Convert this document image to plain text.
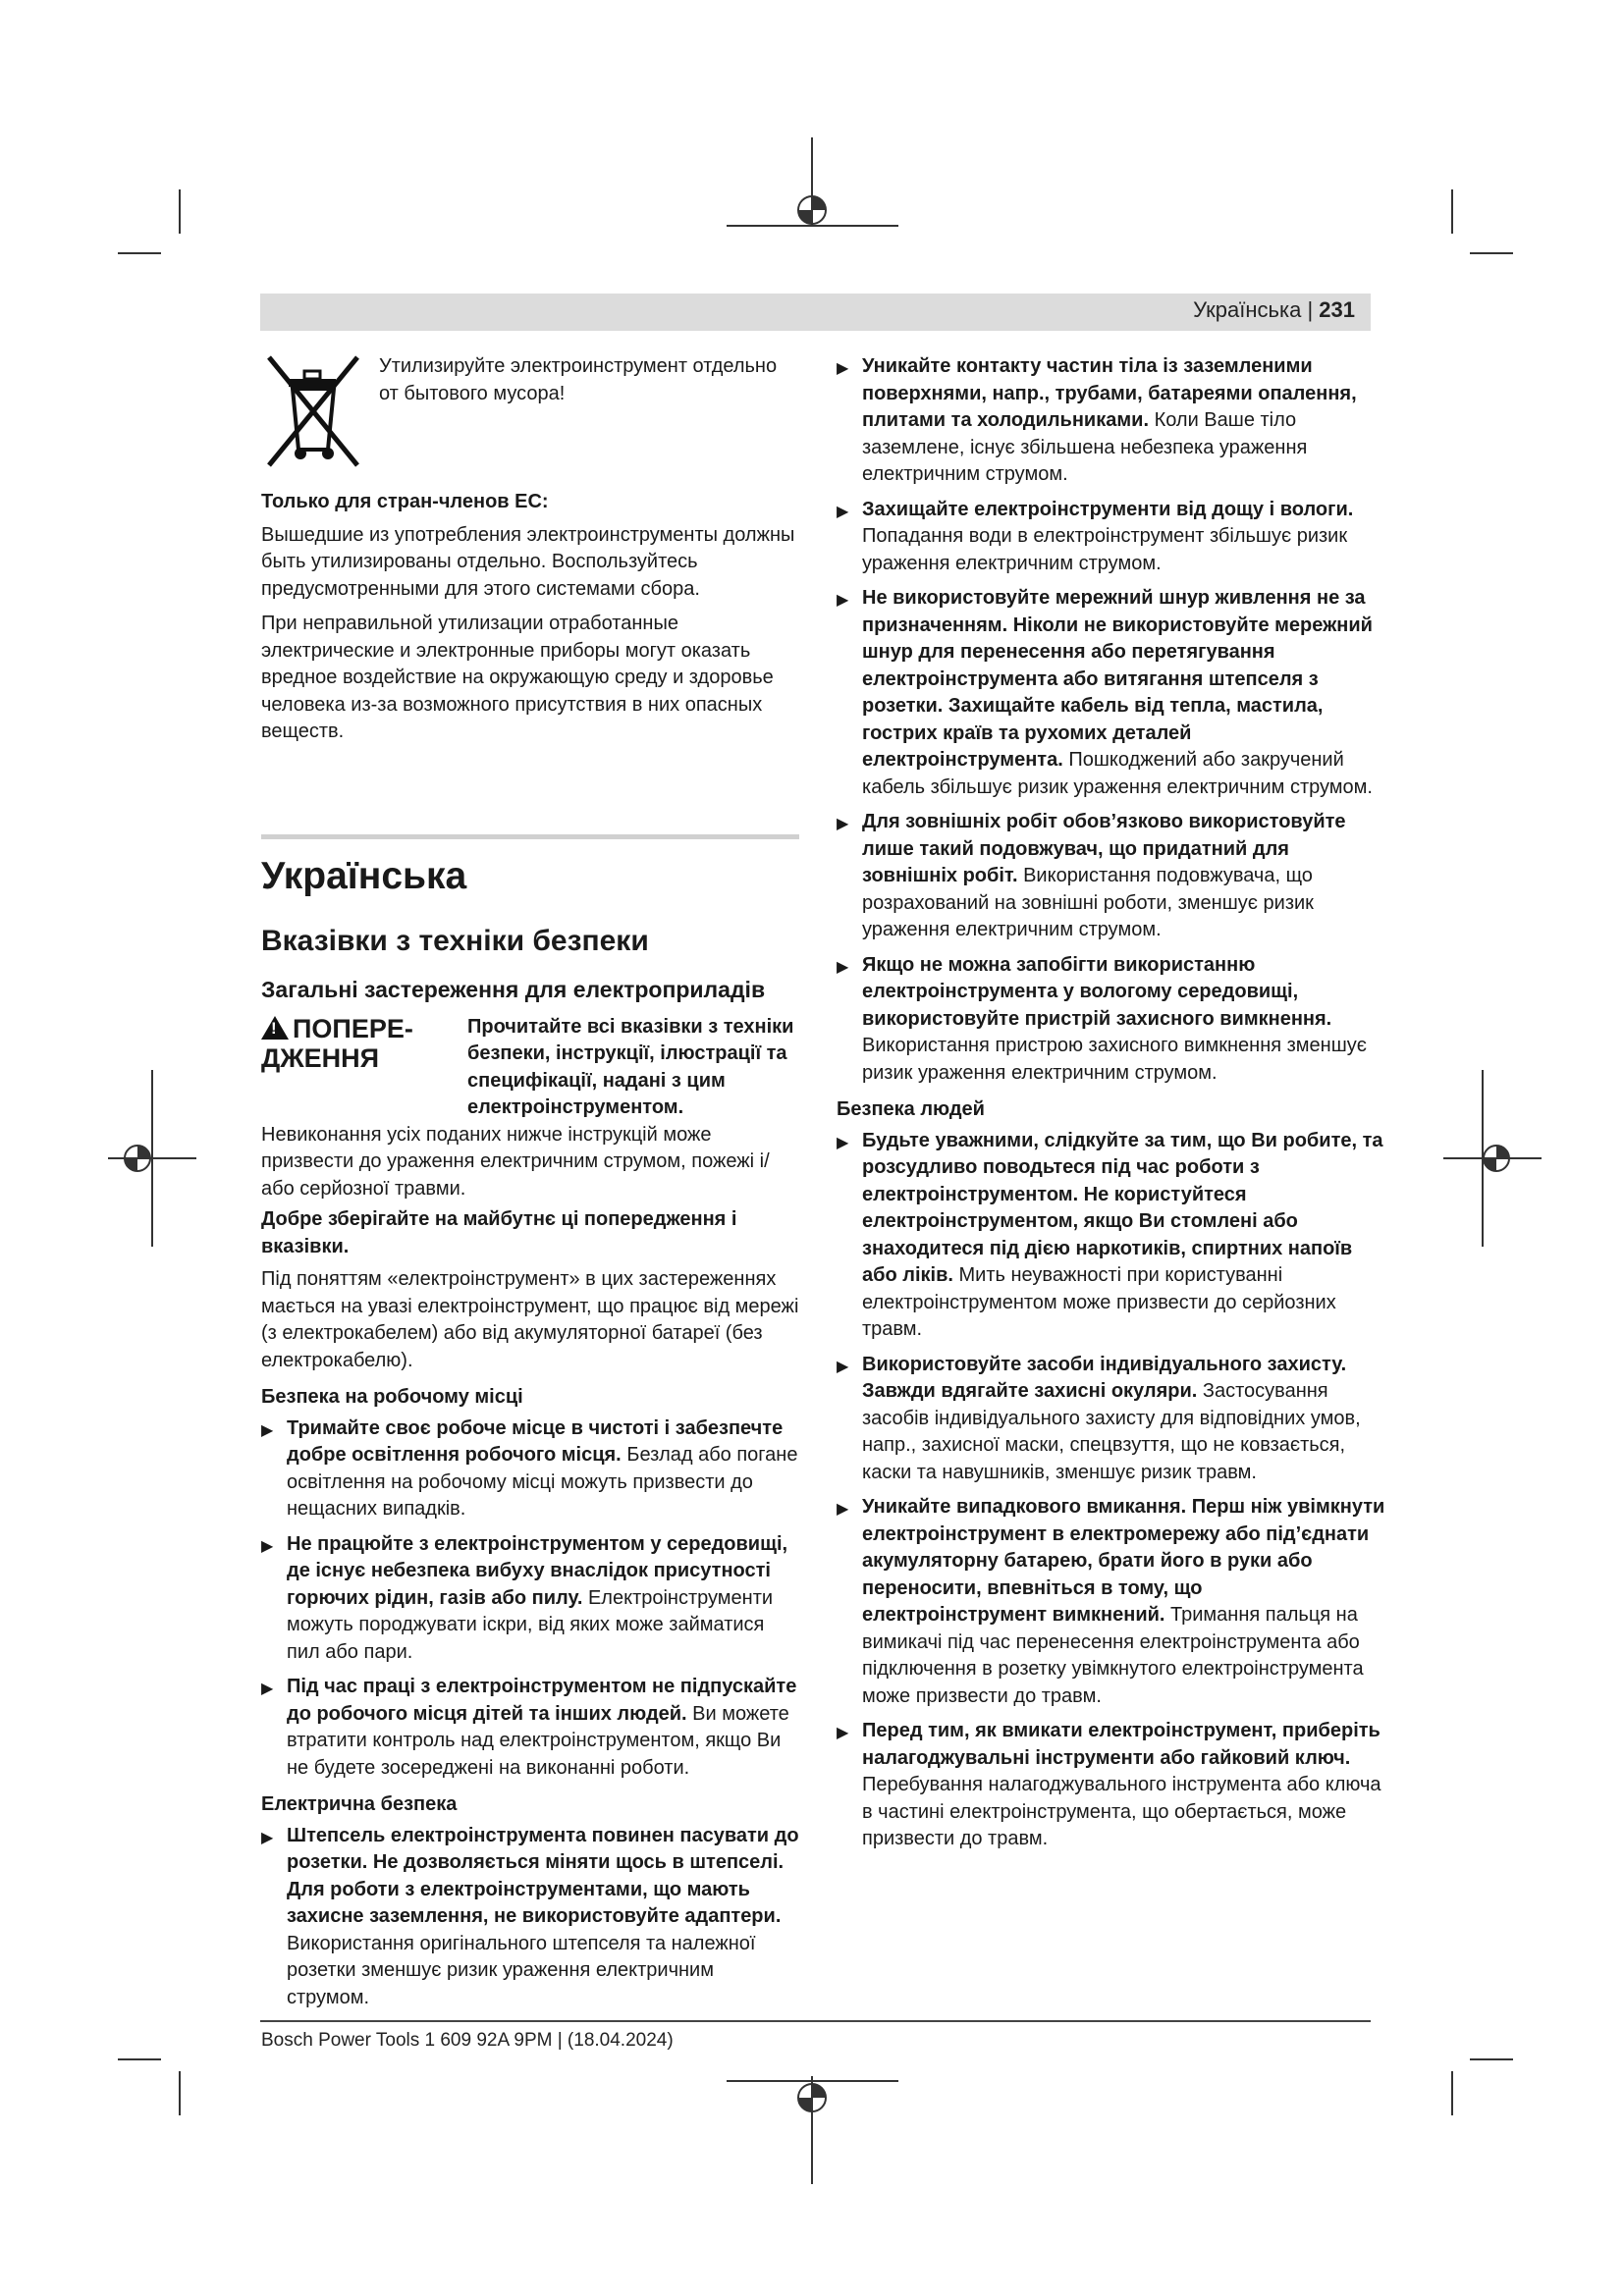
Українська | 231

Утилизируйте электроинструмент отдельно от бытового мусора!

Только для стран-членов ЕС:

Вышедшие из употребления электроинструменты должны быть утилизированы отдельно. Воспользуйтесь предусмотренными для этого системами сбора.

При неправильной утилизации отработанные электрические и электронные приборы могут оказать вредное воздействие на окружающую среду и здоровье человека из-за возможного присутствия в них опасных веществ.

Українська
Вказівки з техніки безпеки
Загальні застереження для електроприладів
! ПОПЕРЕ-ДЖЕННЯ

Прочитайте всі вказівки з техніки безпеки, інструкції, ілюстрації та специфікації, надані з цим електроінструментом.

Невиконання усіх поданих нижче інструкцій може призвести до ураження електричним струмом, пожежі і/або серйозної травми.

Добре зберігайте на майбутнє ці попередження і вказівки.

Під поняттям «електроінструмент» в цих застереженнях мається на увазі електроінструмент, що працює від мережі (з електрокабелем) або від акумуляторної батареї (без електрокабелю).

Безпека на робочому місці

▶ Тримайте своє робоче місце в чистоті і забезпечте добре освітлення робочого місця. Безлад або погане освітлення на робочому місці можуть призвести до нещасних випадків.
▶ Не працюйте з електроінструментом у середовищі, де існує небезпека вибуху внаслідок присутності горючих рідин, газів або пилу. Електроінструменти можуть породжувати іскри, від яких може займатися пил або пари.
▶ Під час праці з електроінструментом не підпускайте до робочого місця дітей та інших людей. Ви можете втратити контроль над електроінструментом, якщо Ви не будете зосереджені на виконанні роботи.

Електрична безпека

▶ Штепсель електроінструмента повинен пасувати до розетки. Не дозволяється міняти щось в штепселі. Для роботи з електроінструментами, що мають захисне заземлення, не використовуйте адаптери. Використання оригінального штепселя та належної розетки зменшує ризик ураження електричним струмом.
▶ Уникайте контакту частин тіла із заземленими поверхнями, напр., трубами, батареями опалення, плитами та холодильниками. Коли Ваше тіло заземлене, існує збільшена небезпека ураження електричним струмом.
▶ Захищайте електроінструменти від дощу і вологи. Попадання води в електроінструмент збільшує ризик ураження електричним струмом.
▶ Не використовуйте мережний шнур живлення не за призначенням. Ніколи не використовуйте мережний шнур для перенесення або перетягування електроінструмента або витягання штепселя з розетки. Захищайте кабель від тепла, мастила, гострих країв та рухомих деталей електроінструмента. Пошкоджений або закручений кабель збільшує ризик ураження електричним струмом.
▶ Для зовнішніх робіт обов’язково використовуйте лише такий подовжувач, що придатний для зовнішніх робіт. Використання подовжувача, що розрахований на зовнішні роботи, зменшує ризик ураження електричним струмом.
▶ Якщо не можна запобігти використанню електроінструмента у вологому середовищі, використовуйте пристрій захисного вимкнення. Використання пристрою захисного вимкнення зменшує ризик ураження електричним струмом.

Безпека людей

▶ Будьте уважними, слідкуйте за тим, що Ви робите, та розсудливо поводьтеся під час роботи з електроінструментом. Не користуйтеся електроінструментом, якщо Ви стомлені або знаходитеся під дією наркотиків, спиртних напоїв або ліків. Мить неуважності при користуванні електроінструментом може призвести до серйозних травм.
▶ Використовуйте засоби індивідуального захисту. Завжди вдягайте захисні окуляри. Застосування засобів індивідуального захисту для відповідних умов, напр., захисної маски, спецвзуття, що не ковзається, каски та навушників, зменшує ризик травм.
▶ Уникайте випадкового вмикання. Перш ніж увімкнути електроінструмент в електромережу або під’єднати акумуляторну батарею, брати його в руки або переносити, впевніться в тому, що електроінструмент вимкнений. Тримання пальця на вимикачі під час перенесення електроінструмента або підключення в розетку увімкнутого електроінструмента може призвести до травм.
▶ Перед тим, як вмикати електроінструмент, приберіть налагоджувальні інструменти або гайковий ключ. Перебування налагоджувального інструмента або ключа в частині електроінструмента, що обертається, може призвести до травм.
Bosch Power Tools 1 609 92A 9PM | (18.04.2024)
